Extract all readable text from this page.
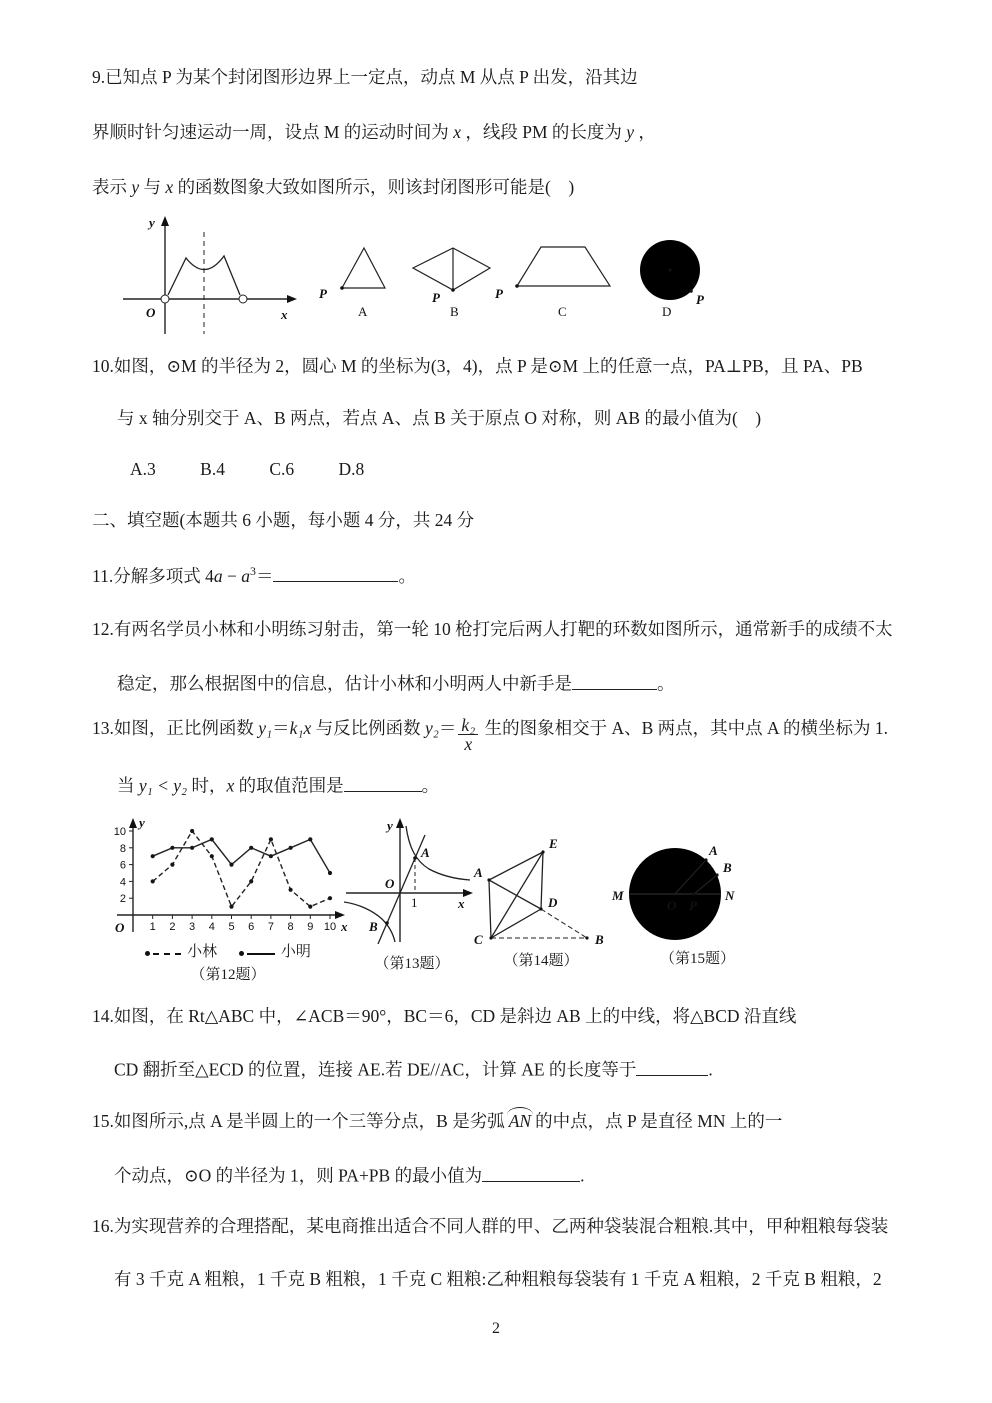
9.已知点 P 为某个封闭图形边界上一定点，动点 M 从点 P 出发，沿其边
界顺时针匀速运动一周，设点 M 的运动时间为 x ，线段 PM 的长度为 y ，
表示 y 与 x 的函数图象大致如图所示，则该封闭图形可能是(　)
y
x
O
P
A
P
B
P
C
P
D
10.如图，⊙M 的半径为 2，圆心 M 的坐标为(3，4)，点 P 是⊙M 上的任意一点，PA⊥PB，且 PA、PB
与 x 轴分别交于 A、B 两点，若点 A、点 B 关于原点 O 对称，则 AB 的最小值为(　)
A.3	B.4	C.6	D.8
二、填空题(本题共 6 小题，每小题 4 分，共 24 分
11.分解多项式 $4a - a^3=$	。
12.有两名学员小林和小明练习射击，第一轮 10 枪打完后两人打靶的环数如图所示，通常新手的成绩不太
稳定，那么根据图中的信息，估计小林和小明两人中新手是	。
13.如图，正比例函数 y₁＝k₁x 与反比例函数 $y_2= \frac{\text{k₂}}{x}$ 生的图象相交于 A、B 两点，其中点 A 的横坐标为 1.
当 y₁ < y₂ 时，x 的取值范围是	。
y
x
O
2
4
6
8
10
1 2 3 4 5 6 7 8 9 10
小林	小明
（第12题）
y
x
O
A
B
1
（第13题）
E
A
D
C	B
（第14题）
M	N
O P
A
B
（第15题）
14.如图，在 Rt△ABC 中，∠ACB＝90°，BC＝6，CD 是斜边 AB 上的中线，将△BCD 沿直线
CD 翻折至△ECD 的位置，连接 AE.若 DE//AC，计算 AE 的长度等于	.
15.如图所示,点 A 是半圆上的一个三等分点，B 是劣弧 AN 的中点，点 P 是直径 MN 上的一
个动点，⊙O 的半径为 1，则 PA+PB 的最小值为	.
16.为实现营养的合理搭配，某电商推出适合不同人群的甲、乙两种袋装混合粗粮.其中，甲种粗粮每袋装
有 3 千克 A 粗粮，1 千克 B 粗粮，1 千克 C 粗粮:乙种粗粮每袋装有 1 千克 A 粗粮，2 千克 B 粗粮，2
2
